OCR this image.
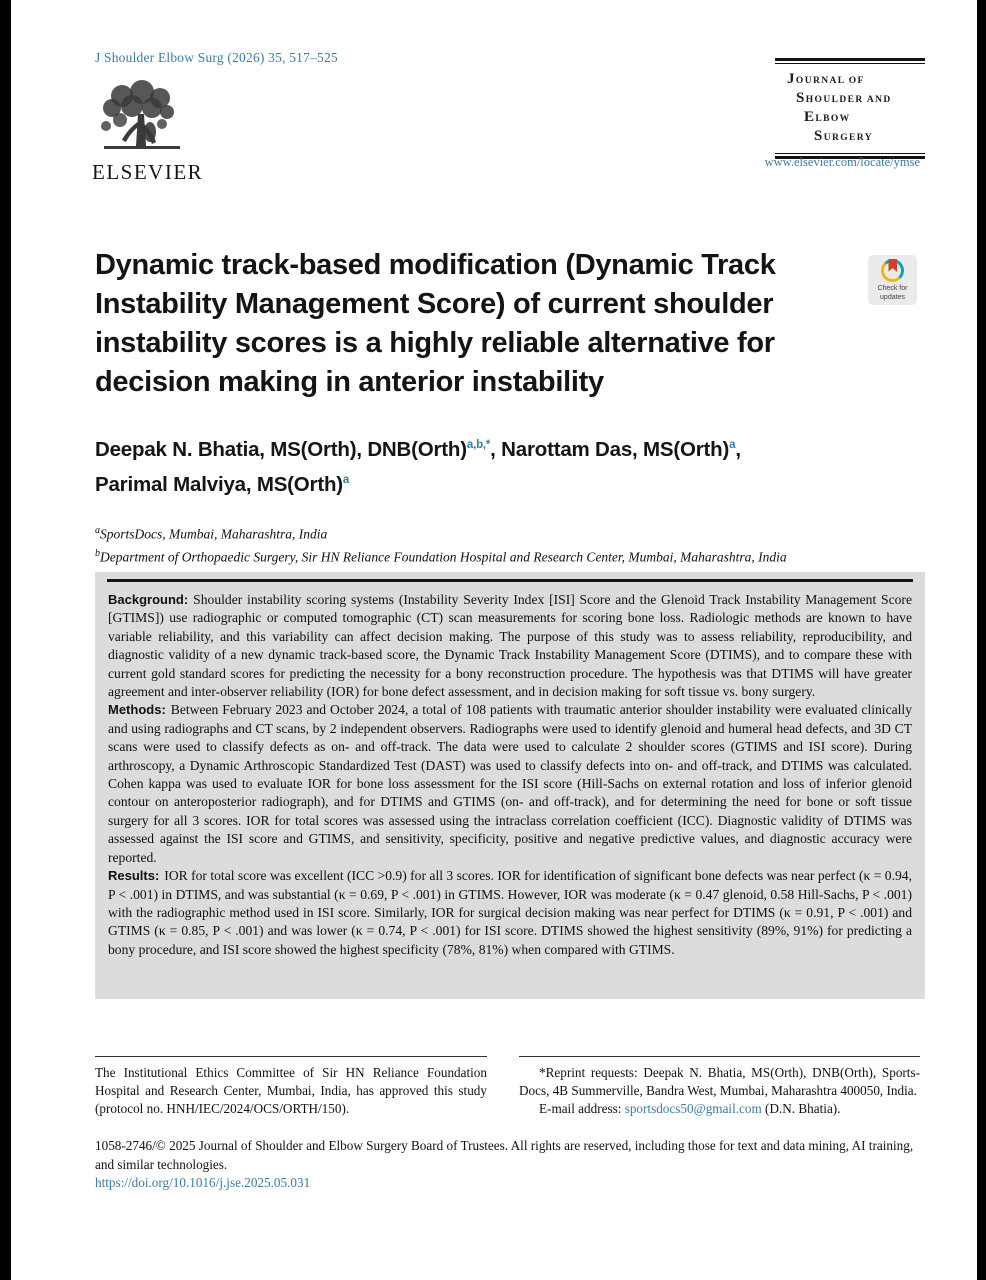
J Shoulder Elbow Surg (2026) 35, 517–525
ELSEVIER
JOURNAL OF
SHOULDER AND
ELBOW
SURGERY
www.elsevier.com/locate/ymse
Dynamic track-based modification (Dynamic Track Instability Management Score) of current shoulder instability scores is a highly reliable alternative for decision making in anterior instability
Check for
updates
Deepak N. Bhatia, MS(Orth), DNB(Orth)$^{a,b,*}$, Narottam Das, MS(Orth)$^a$,
Parimal Malviya, MS(Orth)$^a$
$^a$SportsDocs, Mumbai, Maharashtra, India
$^b$Department of Orthopaedic Surgery, Sir HN Reliance Foundation Hospital and Research Center, Mumbai, Maharashtra, India

Background: Shoulder instability scoring systems (Instability Severity Index [ISI] Score and the Glenoid Track Instability Management Score [GTIMS]) use radiographic or computed tomographic (CT) scan measurements for scoring bone loss. Radiologic methods are known to have variable reliability, and this variability can affect decision making. The purpose of this study was to assess reliability, reproducibility, and diagnostic validity of a new dynamic track-based score, the Dynamic Track Instability Management Score (DTIMS), and to compare these with current gold standard scores for predicting the necessity for a bony reconstruction procedure. The hypothesis was that DTIMS will have greater agreement and inter-observer reliability (IOR) for bone defect assessment, and in decision making for soft tissue vs. bony surgery.

Methods: Between February 2023 and October 2024, a total of 108 patients with traumatic anterior shoulder instability were evaluated clinically and using radiographs and CT scans, by 2 independent observers. Radiographs were used to identify glenoid and humeral head defects, and 3D CT scans were used to classify defects as on- and off-track. The data were used to calculate 2 shoulder scores (GTIMS and ISI score). During arthroscopy, a Dynamic Arthroscopic Standardized Test (DAST) was used to classify defects into on- and off-track, and DTIMS was calculated. Cohen kappa was used to evaluate IOR for bone loss assessment for the ISI score (Hill-Sachs on external rotation and loss of inferior glenoid contour on anteroposterior radiograph), and for DTIMS and GTIMS (on- and off-track), and for determining the need for bone or soft tissue surgery for all 3 scores. IOR for total scores was assessed using the intraclass correlation coefficient (ICC). Diagnostic validity of DTIMS was assessed against the ISI score and GTIMS, and sensitivity, specificity, positive and negative predictive values, and diagnostic accuracy were reported.

Results: IOR for total score was excellent (ICC >0.9) for all 3 scores. IOR for identification of significant bone defects was near perfect (κ = 0.94, P < .001) in DTIMS, and was substantial (κ = 0.69, P < .001) in GTIMS. However, IOR was moderate (κ = 0.47 glenoid, 0.58 Hill-Sachs, P < .001) with the radiographic method used in ISI score. Similarly, IOR for surgical decision making was near perfect for DTIMS (κ = 0.91, P < .001) and GTIMS (κ = 0.85, P < .001) and was lower (κ = 0.74, P < .001) for ISI score. DTIMS showed the highest sensitivity (89%, 91%) for predicting a bony procedure, and ISI score showed the highest specificity (78%, 81%) when compared with GTIMS.

The Institutional Ethics Committee of Sir HN Reliance Foundation Hospital and Research Center, Mumbai, India, has approved this study (protocol no. HNH/IEC/2024/OCS/ORTH/150).

*Reprint requests: Deepak N. Bhatia, MS(Orth), DNB(Orth), Sports-Docs, 4B Summerville, Bandra West, Mumbai, Maharashtra 400050, India.

E-mail address: sportsdocs50@gmail.com (D.N. Bhatia).

1058-2746/© 2025 Journal of Shoulder and Elbow Surgery Board of Trustees. All rights are reserved, including those for text and data mining, AI training, and similar technologies.

https://doi.org/10.1016/j.jse.2025.05.031
